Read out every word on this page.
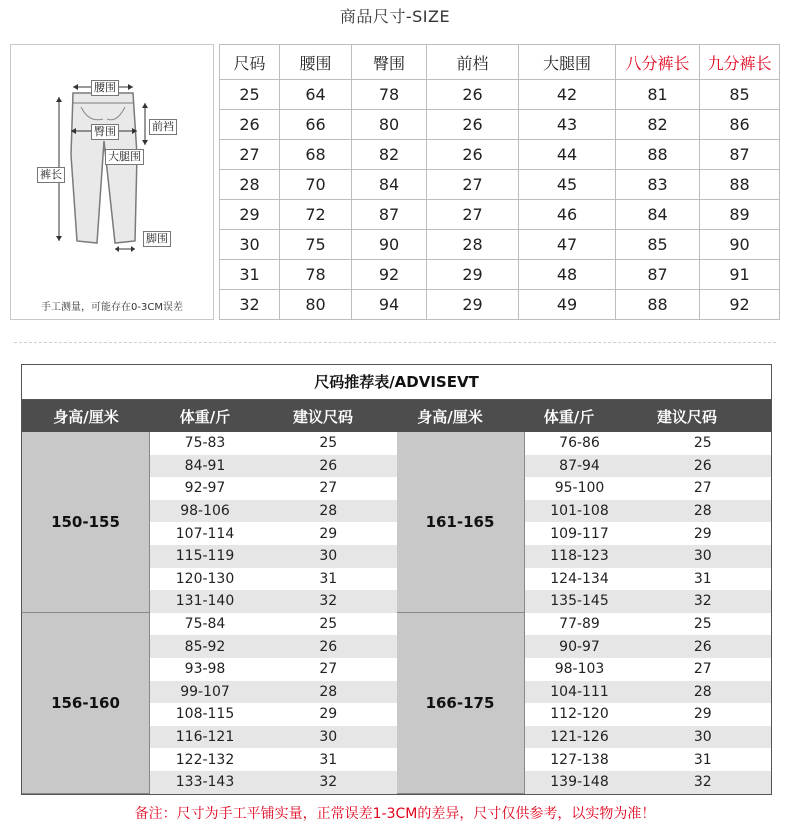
商品尺寸-SIZE
腰围
臀围	前裆
大腿围
裤长
脚围
手工测量，可能存在0-3CM误差
尺码	腰围	臀围	前档	大腿围	八分裤长	九分裤长
25	64	78	26	42	81	85
26	66	80	26	43	82	86
27	68	82	26	44	88	87
28	70	84	27	45	83	88
29	72	87	27	46	84	89
30	75	90	28	47	85	90
31	78	92	29	48	87	91
32	80	94	29	49	88	92
尺码推荐表/ADVISEVT
身高/厘米	体重/斤	建议尺码	身高/厘米	体重/斤	建议尺码
150-155
75-83	25
84-91	26
92-97	27
98-106	28
107-114	29
115-119	30
120-130	31
131-140	32
161-165
76-86	25
87-94	26
95-100	27
101-108	28
109-117	29
118-123	30
124-134	31
135-145	32
156-160
75-84	25
85-92	26
93-98	27
99-107	28
108-115	29
116-121	30
122-132	31
133-143	32
166-175
77-89	25
90-97	26
98-103	27
104-111	28
112-120	29
121-126	30
127-138	31
139-148	32
备注：尺寸为手工平铺实量，正常误差1-3CM的差异，尺寸仅供参考，以实物为准！
